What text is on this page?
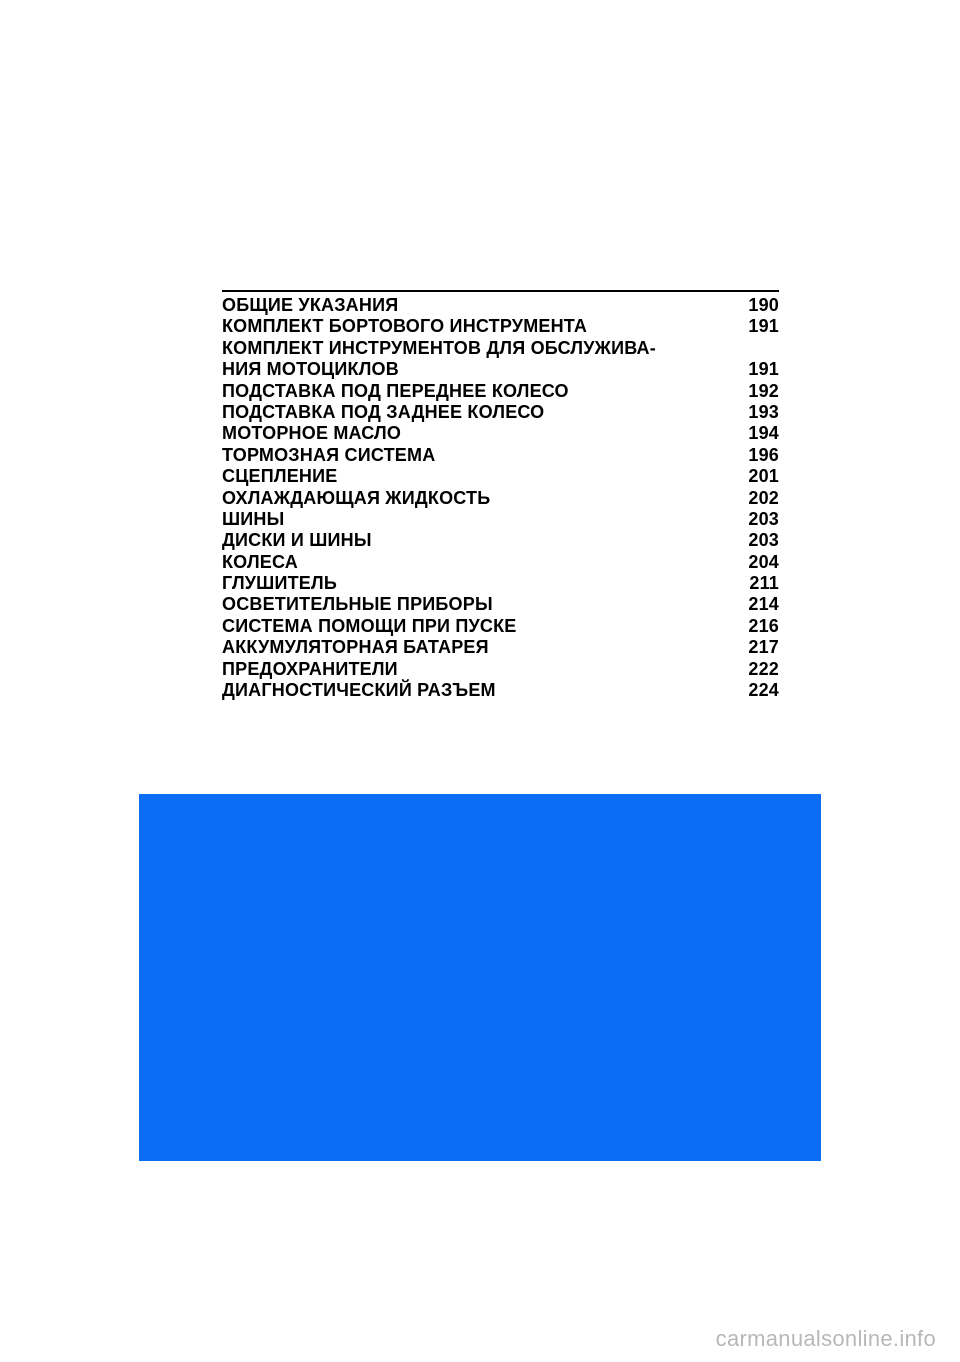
ОБЩИЕ УКАЗАНИЯ	190
КОМПЛЕКТ БОРТОВОГО ИНСТРУМЕНТА	191
КОМПЛЕКТ ИНСТРУМЕНТОВ ДЛЯ ОБСЛУЖИВА-
НИЯ МОТОЦИКЛОВ	191
ПОДСТАВКА ПОД ПЕРЕДНЕЕ КОЛЕСО	192
ПОДСТАВКА ПОД ЗАДНЕЕ КОЛЕСО	193
МОТОРНОЕ МАСЛО	194
ТОРМОЗНАЯ СИСТЕМА	196
СЦЕПЛЕНИЕ	201
ОХЛАЖДАЮЩАЯ ЖИДКОСТЬ	202
ШИНЫ	203
ДИСКИ И ШИНЫ	203
КОЛЕСА	204
ГЛУШИТЕЛЬ	211
ОСВЕТИТЕЛЬНЫЕ ПРИБОРЫ	214
СИСТЕМА ПОМОЩИ ПРИ ПУСКЕ	216
АККУМУЛЯТОРНАЯ БАТАРЕЯ	217
ПРЕДОХРАНИТЕЛИ	222
ДИАГНОСТИЧЕСКИЙ РАЗЪЕМ	224
carmanualsonline.info
